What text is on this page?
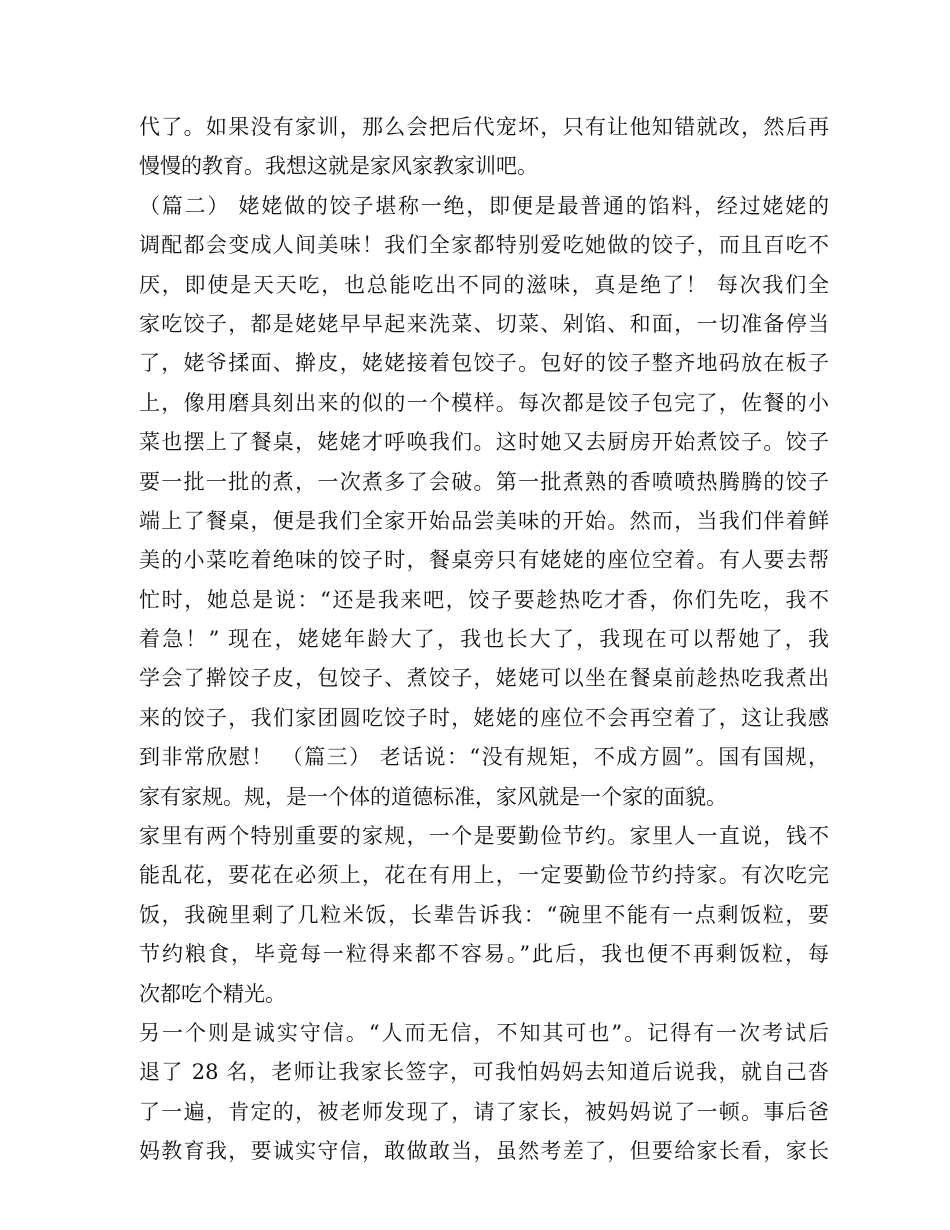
代了。如果没有家训，那么会把后代宠坏，只有让他知错就改，然后再
慢慢的教育。我想这就是家风家教家训吧。
（篇二） 姥姥做的饺子堪称一绝，即便是最普通的馅料，经过姥姥的
调配都会变成人间美味！我们全家都特别爱吃她做的饺子，而且百吃不
厌，即使是天天吃，也总能吃出不同的滋味，真是绝了！ 每次我们全
家吃饺子，都是姥姥早早起来洗菜、切菜、剁馅、和面，一切准备停当
了，姥爷揉面、擀皮，姥姥接着包饺子。包好的饺子整齐地码放在板子
上，像用磨具刻出来的似的一个模样。每次都是饺子包完了，佐餐的小
菜也摆上了餐桌，姥姥才呼唤我们。这时她又去厨房开始煮饺子。饺子
要一批一批的煮，一次煮多了会破。第一批煮熟的香喷喷热腾腾的饺子
端上了餐桌，便是我们全家开始品尝美味的开始。然而，当我们伴着鲜
美的小菜吃着绝味的饺子时，餐桌旁只有姥姥的座位空着。有人要去帮
忙时，她总是说：“还是我来吧，饺子要趁热吃才香，你们先吃，我不
着急！” 现在，姥姥年龄大了，我也长大了，我现在可以帮她了，我
学会了擀饺子皮，包饺子、煮饺子，姥姥可以坐在餐桌前趁热吃我煮出
来的饺子，我们家团圆吃饺子时，姥姥的座位不会再空着了，这让我感
到非常欣慰！ （篇三） 老话说：“没有规矩，不成方圆”。国有国规，
家有家规。规，是一个体的道德标准，家风就是一个家的面貌。
家里有两个特别重要的家规，一个是要勤俭节约。家里人一直说，钱不
能乱花，要花在必须上，花在有用上，一定要勤俭节约持家。有次吃完
饭，我碗里剩了几粒米饭，长辈告诉我：“碗里不能有一点剩饭粒，要
节约粮食，毕竟每一粒得来都不容易。”此后，我也便不再剩饭粒，每
次都吃个精光。
另一个则是诚实守信。“人而无信，不知其可也”。记得有一次考试后
退了 28 名，老师让我家长签字，可我怕妈妈去知道后说我，就自己沓
了一遍，肯定的，被老师发现了，请了家长，被妈妈说了一顿。事后爸
妈教育我，要诚实守信，敢做敢当，虽然考差了，但要给家长看，家长
